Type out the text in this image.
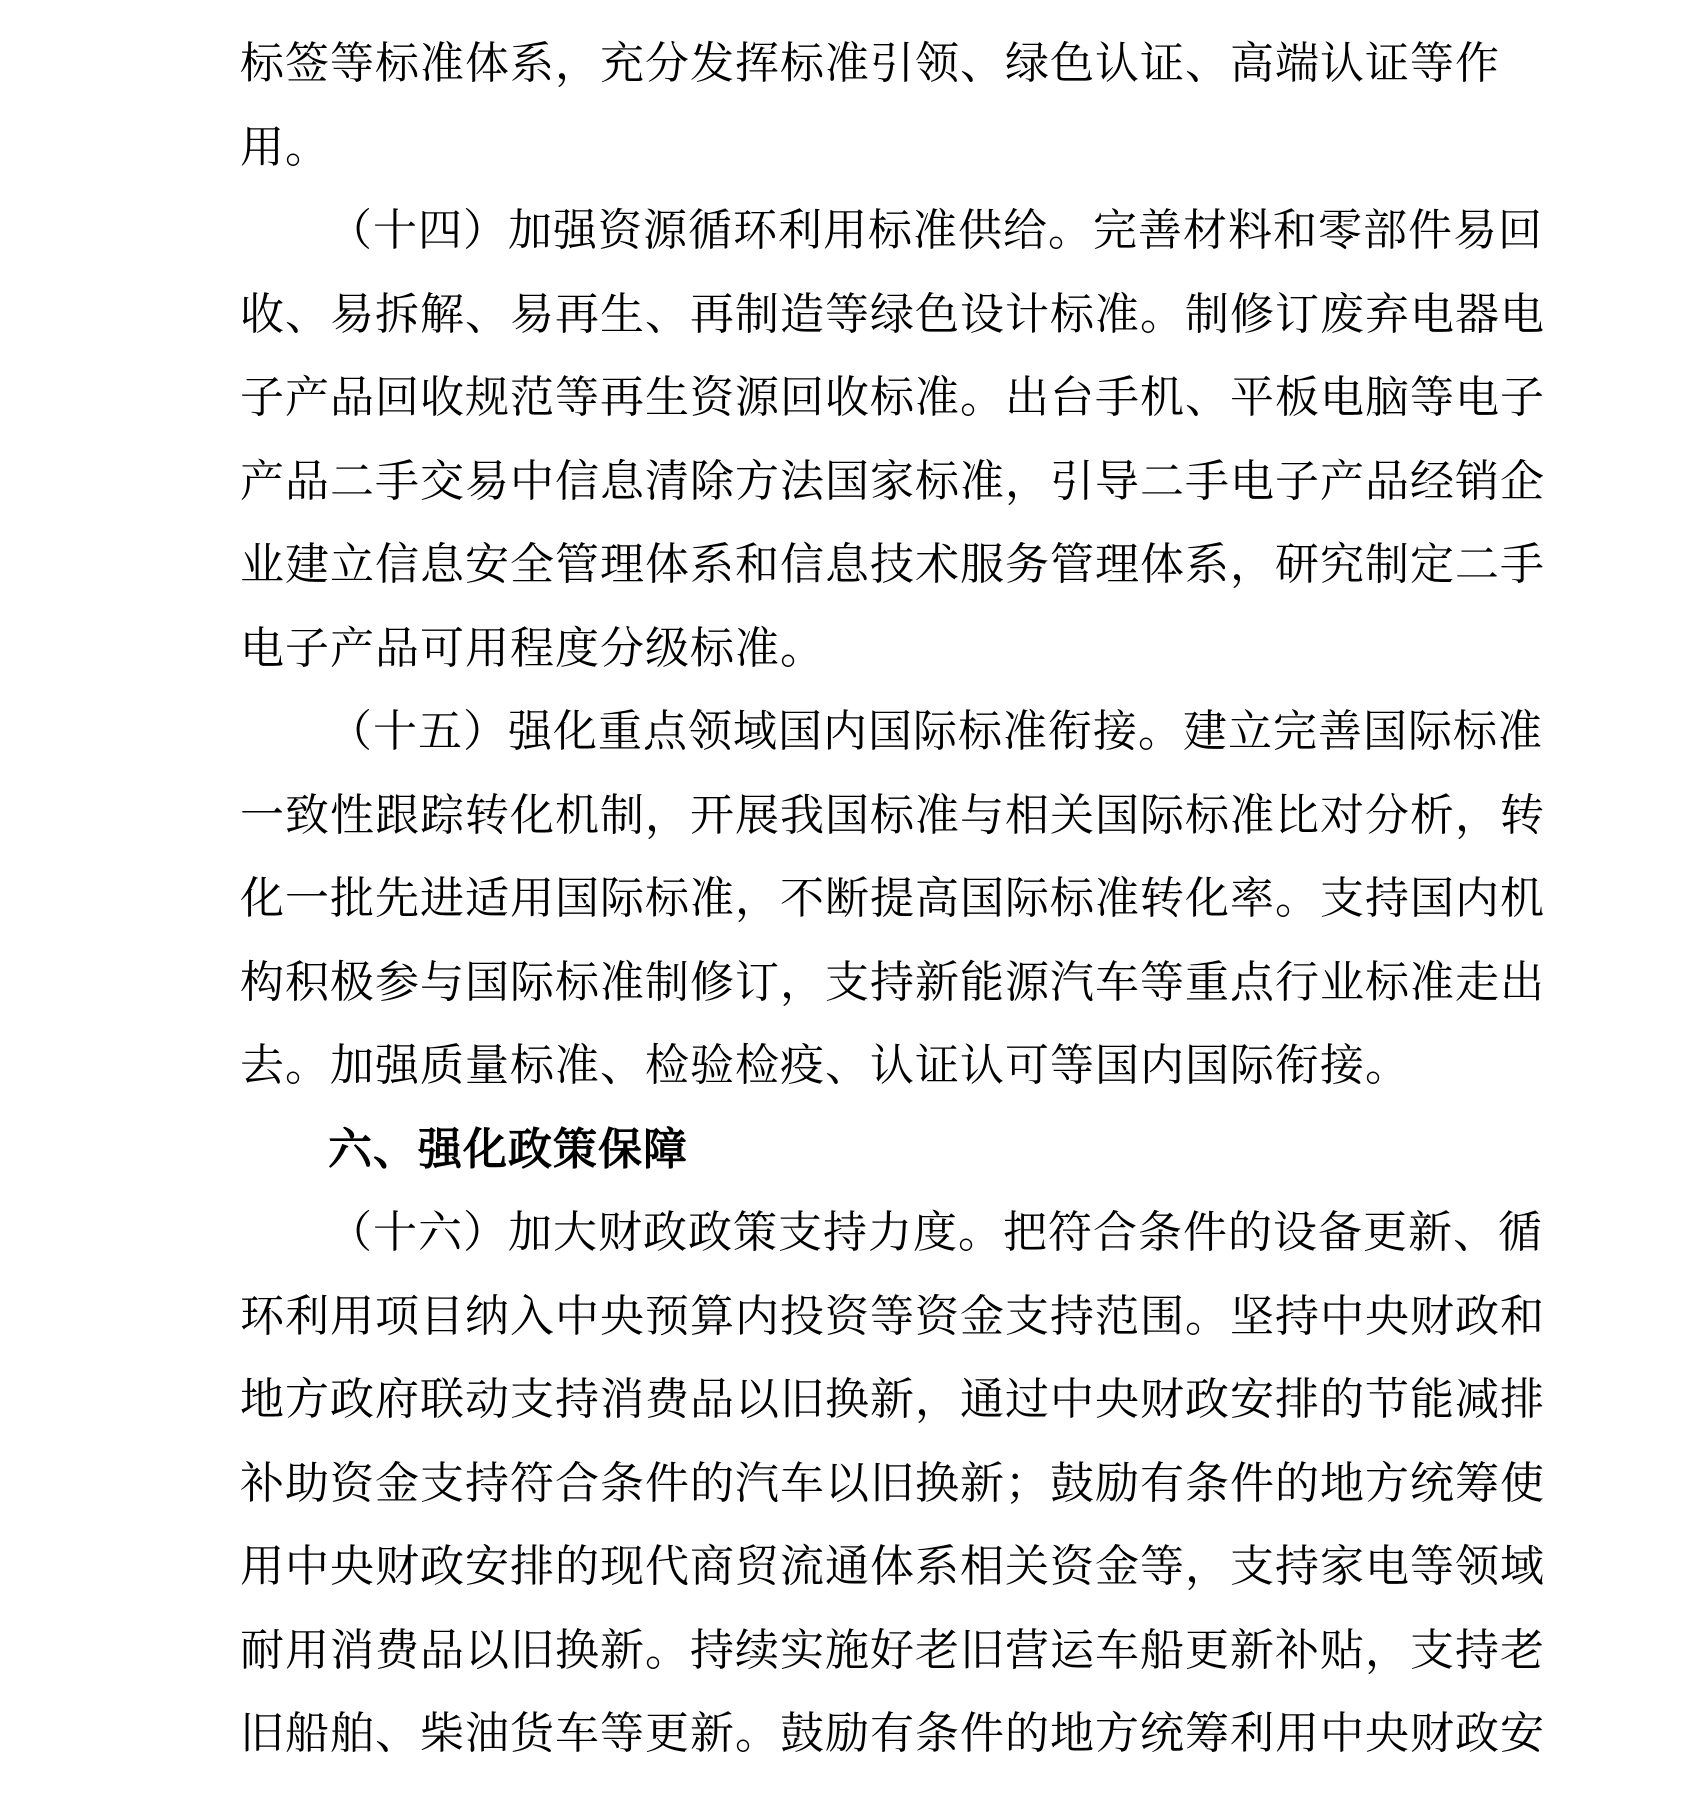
标签等标准体系，充分发挥标准引领、绿色认证、高端认证等作
用。
（十四）加强资源循环利用标准供给。完善材料和零部件易回
收、易拆解、易再生、再制造等绿色设计标准。制修订废弃电器电
子产品回收规范等再生资源回收标准。出台手机、平板电脑等电子
产品二手交易中信息清除方法国家标准，引导二手电子产品经销企
业建立信息安全管理体系和信息技术服务管理体系，研究制定二手
电子产品可用程度分级标准。
（十五）强化重点领域国内国际标准衔接。建立完善国际标准
一致性跟踪转化机制，开展我国标准与相关国际标准比对分析，转
化一批先进适用国际标准，不断提高国际标准转化率。支持国内机
构积极参与国际标准制修订，支持新能源汽车等重点行业标准走出
去。加强质量标准、检验检疫、认证认可等国内国际衔接。
六、强化政策保障
（十六）加大财政政策支持力度。把符合条件的设备更新、循
环利用项目纳入中央预算内投资等资金支持范围。坚持中央财政和
地方政府联动支持消费品以旧换新，通过中央财政安排的节能减排
补助资金支持符合条件的汽车以旧换新；鼓励有条件的地方统筹使
用中央财政安排的现代商贸流通体系相关资金等，支持家电等领域
耐用消费品以旧换新。持续实施好老旧营运车船更新补贴，支持老
旧船舶、柴油货车等更新。鼓励有条件的地方统筹利用中央财政安
